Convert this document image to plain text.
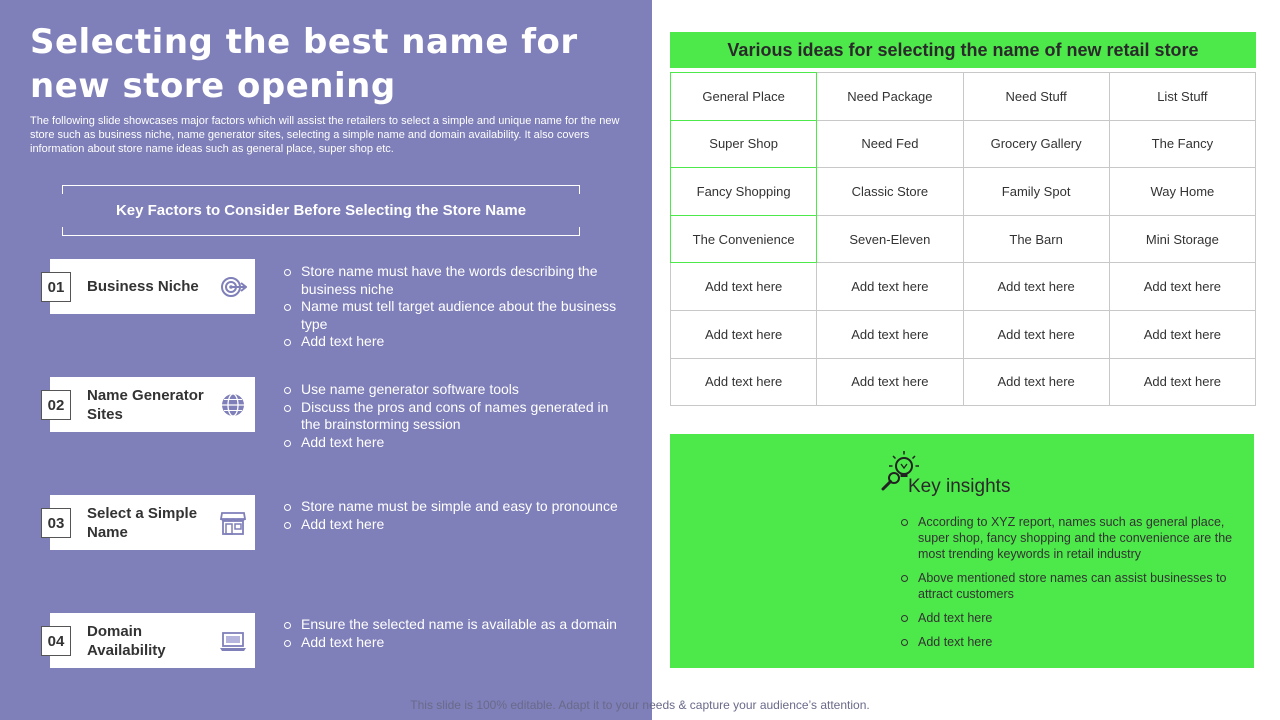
Selecting the best name for new store opening

The following slide showcases major factors which will assist the retailers to select a simple and unique name for the new store such as business niche, name generator sites, selecting a simple name and domain availability. It also covers information about store name ideas such as general place, super shop etc.

Key Factors to Consider Before Selecting the Store Name
01	Business Niche
Store name must have the words describing the business niche
Name must tell target audience about the business type
Add text here
02
Name Generator Sites
Use name generator software tools
Discuss the pros and cons of names generated in the brainstorming session
Add text here
03
Select a Simple Name
Store name must be simple and easy to pronounce
Add text here
04
Domain Availability
Ensure the selected name is available as a domain
Add text here
Various ideas for selecting the name of new retail store
General Place	Need Package	Need Stuff	List Stuff
Super Shop	Need Fed	Grocery Gallery	The Fancy
Fancy Shopping	Classic Store	Family Spot	Way Home
The Convenience	Seven-Eleven	The Barn	Mini Storage
Add text here	Add text here	Add text here	Add text here
Add text here	Add text here	Add text here	Add text here
Add text here	Add text here	Add text here	Add text here
Key insights
According to XYZ report, names such as general place, super shop, fancy shopping and the convenience are the most trending keywords in retail industry
Above mentioned store names can assist businesses to attract customers
Add text here
Add text here
This slide is 100% editable. Adapt it to your needs & capture your audience’s attention.
